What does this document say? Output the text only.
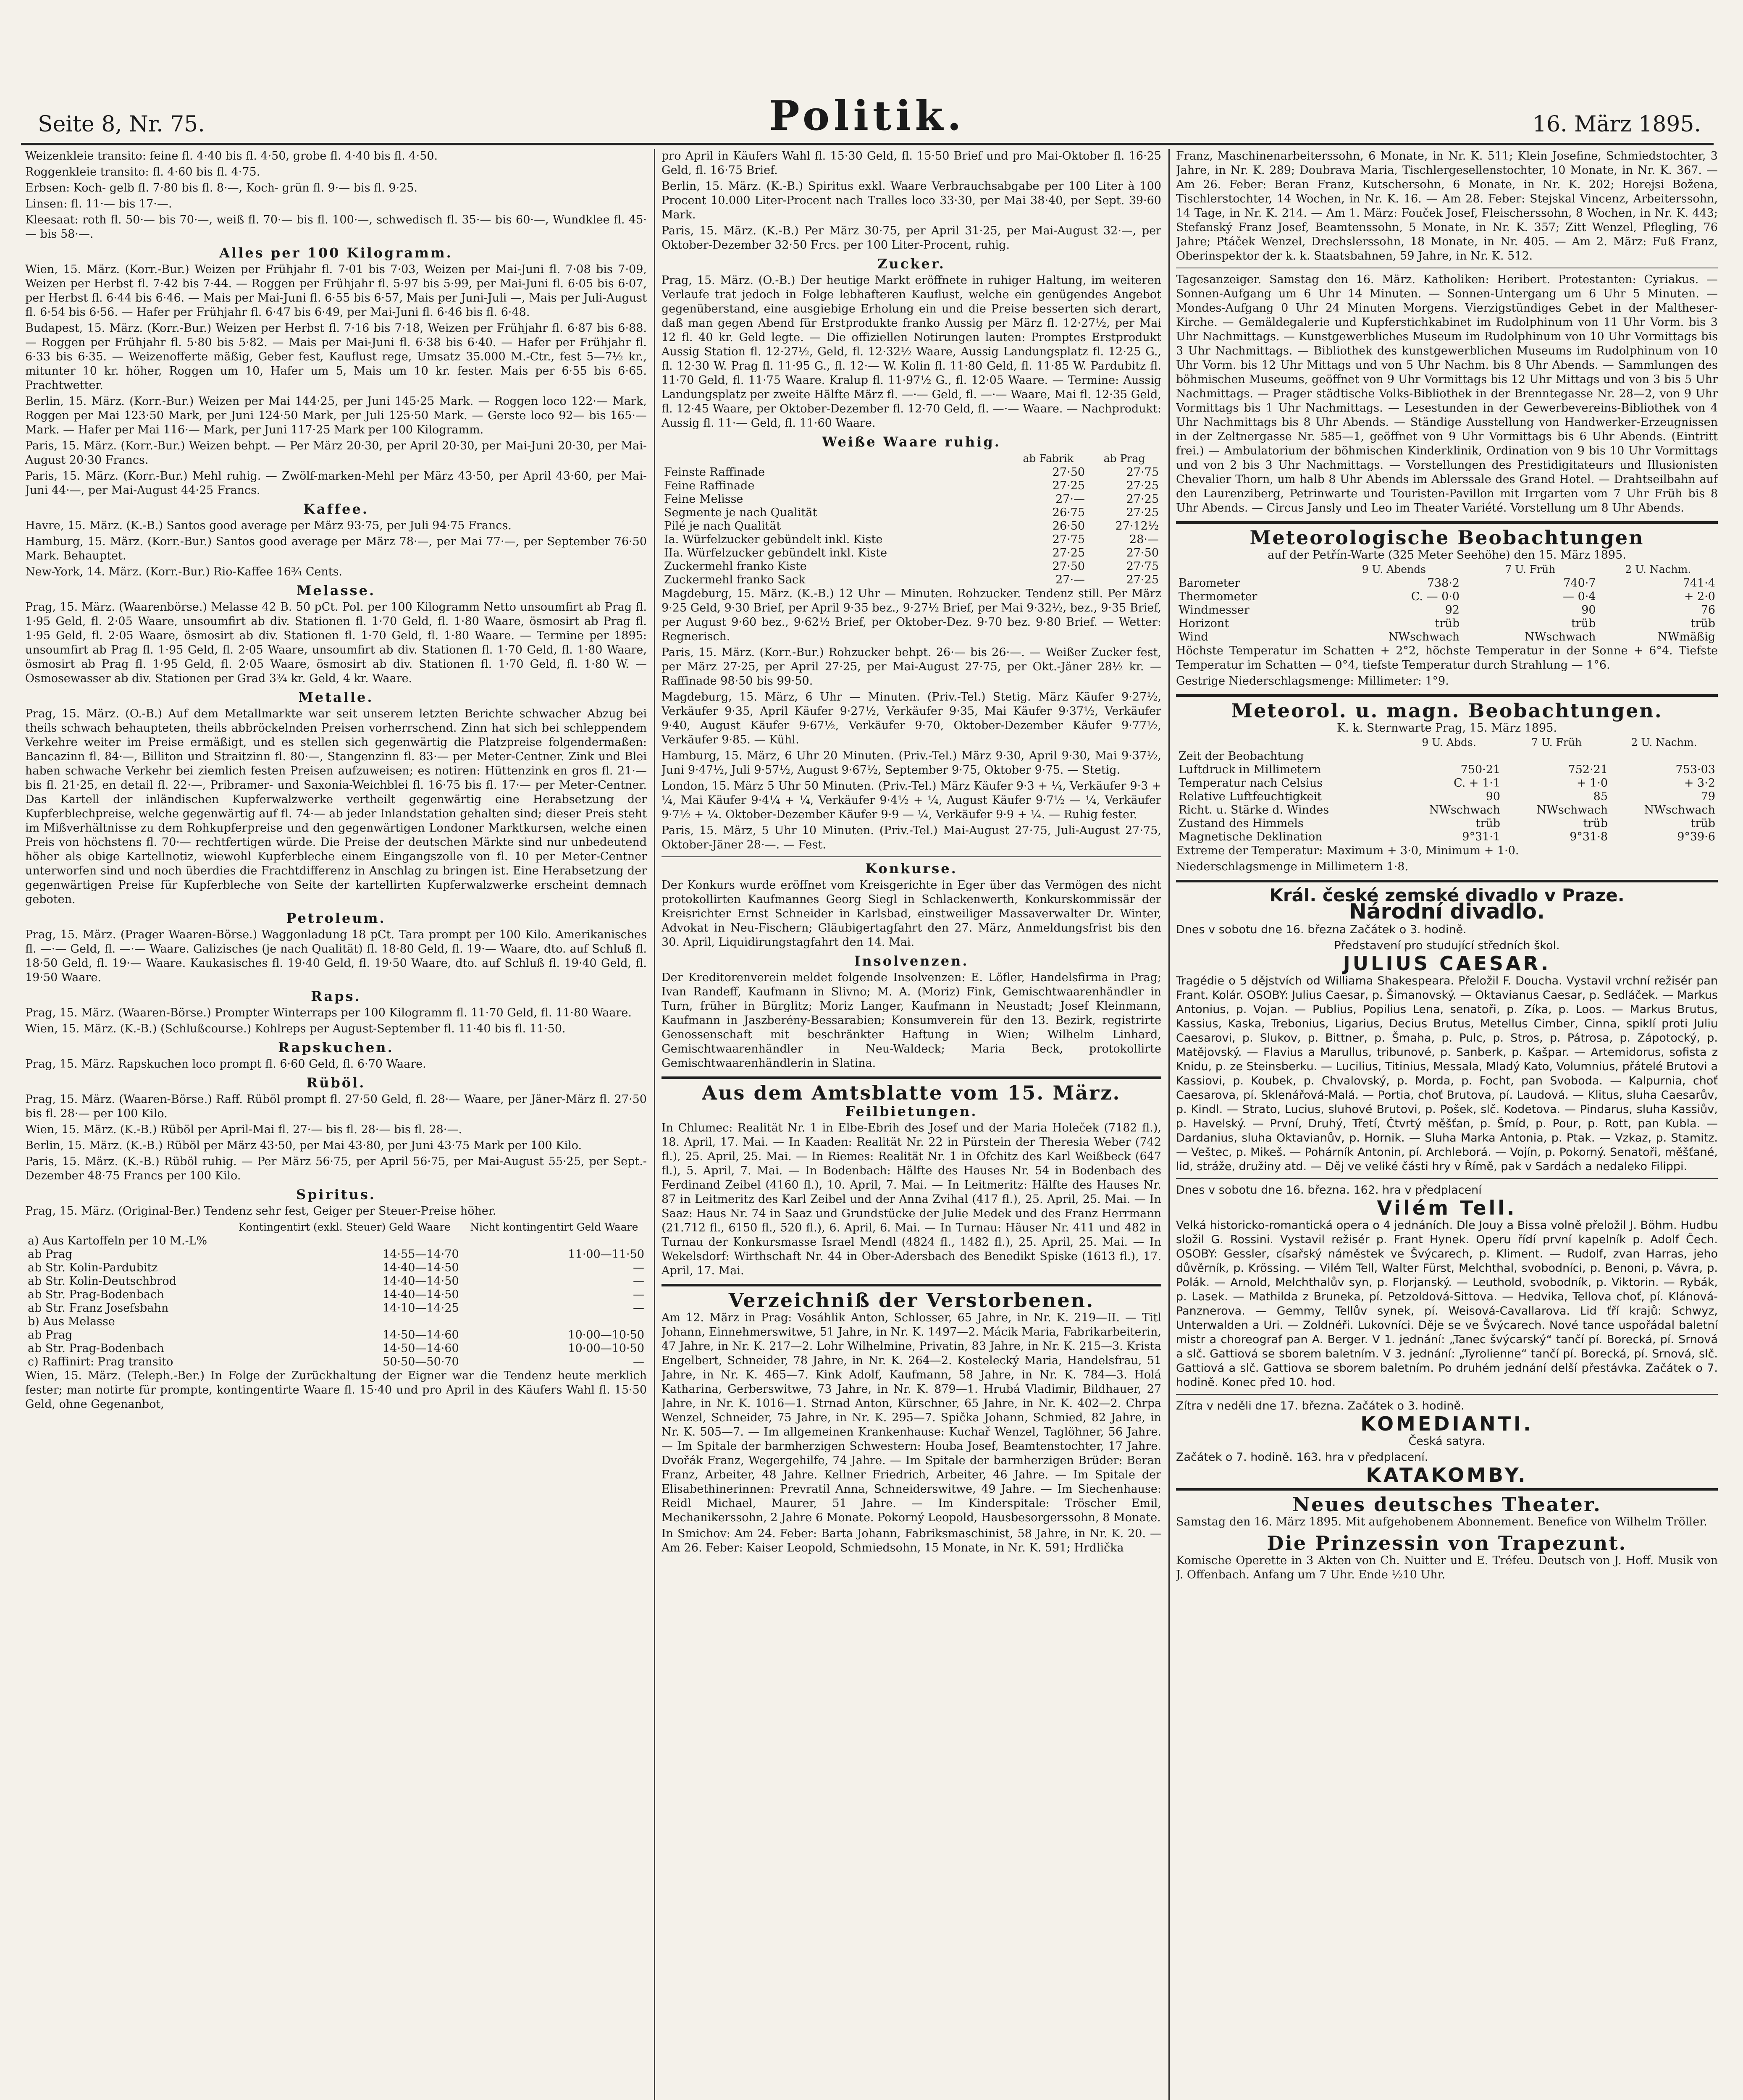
Seite 8, Nr. 75.	Politik.	16. März 1895.

Weizenkleie transito: feine fl. 4·40 bis fl. 4·50, grobe fl. 4·40 bis fl. 4·50.

Roggenkleie transito: fl. 4·60 bis fl. 4·75.

Erbsen: Koch- gelb fl. 7·80 bis fl. 8·—, Koch- grün fl. 9·— bis fl. 9·25.

Linsen: fl. 11·— bis 17·—.

Kleesaat: roth fl. 50·— bis 70·—, weiß fl. 70·— bis fl. 100·—, schwedisch fl. 35·— bis 60·—, Wundklee fl. 45·— bis 58·—.

Alles per 100 Kilogramm.

Wien, 15. März. (Korr.-Bur.) Weizen per Frühjahr fl. 7·01 bis 7·03, Weizen per Mai-Juni fl. 7·08 bis 7·09, Weizen per Herbst fl. 7·42 bis 7·44. — Roggen per Frühjahr fl. 5·97 bis 5·99, per Mai-Juni fl. 6·05 bis 6·07, per Herbst fl. 6·44 bis 6·46. — Mais per Mai-Juni fl. 6·55 bis 6·57, Mais per Juni-Juli —, Mais per Juli-August fl. 6·54 bis 6·56. — Hafer per Frühjahr fl. 6·47 bis 6·49, per Mai-Juni fl. 6·46 bis fl. 6·48.

Budapest, 15. März. (Korr.-Bur.) Weizen per Herbst fl. 7·16 bis 7·18, Weizen per Frühjahr fl. 6·87 bis 6·88. — Roggen per Frühjahr fl. 5·80 bis 5·82. — Mais per Mai-Juni fl. 6·38 bis 6·40. — Hafer per Frühjahr fl. 6·33 bis 6·35. — Weizenofferte mäßig, Geber fest, Kauflust rege, Umsatz 35.000 M.-Ctr., fest 5—7½ kr., mitunter 10 kr. höher, Roggen um 10, Hafer um 5, Mais um 10 kr. fester. Mais per 6·55 bis 6·65. Prachtwetter.

Berlin, 15. März. (Korr.-Bur.) Weizen per Mai 144·25, per Juni 145·25 Mark. — Roggen loco 122·— Mark, Roggen per Mai 123·50 Mark, per Juni 124·50 Mark, per Juli 125·50 Mark. — Gerste loco 92— bis 165·— Mark. — Hafer per Mai 116·— Mark, per Juni 117·25 Mark per 100 Kilogramm.

Paris, 15. März. (Korr.-Bur.) Weizen behpt. — Per März 20·30, per April 20·30, per Mai-Juni 20·30, per Mai-August 20·30 Francs.

Paris, 15. März. (Korr.-Bur.) Mehl ruhig. — Zwölf-marken-Mehl per März 43·50, per April 43·60, per Mai-Juni 44·—, per Mai-August 44·25 Francs.

Kaffee.

Havre, 15. März. (K.-B.) Santos good average per März 93·75, per Juli 94·75 Francs.

Hamburg, 15. März. (Korr.-Bur.) Santos good average per März 78·—, per Mai 77·—, per September 76·50 Mark. Behauptet.

New-York, 14. März. (Korr.-Bur.) Rio-Kaffee 16¾ Cents.

Melasse.

Prag, 15. März. (Waarenbörse.) Melasse 42 B. 50 pCt. Pol. per 100 Kilogramm Netto unsoumfirt ab Prag fl. 1·95 Geld, fl. 2·05 Waare, unsoumfirt ab div. Stationen fl. 1·70 Geld, fl. 1·80 Waare, ösmosirt ab Prag fl. 1·95 Geld, fl. 2·05 Waare, ösmosirt ab div. Stationen fl. 1·70 Geld, fl. 1·80 Waare. — Termine per 1895: unsoumfirt ab Prag fl. 1·95 Geld, fl. 2·05 Waare, unsoumfirt ab div. Stationen fl. 1·70 Geld, fl. 1·80 Waare, ösmosirt ab Prag fl. 1·95 Geld, fl. 2·05 Waare, ösmosirt ab div. Stationen fl. 1·70 Geld, fl. 1·80 W. — Osmosewasser ab div. Stationen per Grad 3¾ kr. Geld, 4 kr. Waare.

Metalle.

Prag, 15. März. (O.-B.) Auf dem Metallmarkte war seit unserem letzten Berichte schwacher Abzug bei theils schwach behaupteten, theils abbröckelnden Preisen vorherrschend. Zinn hat sich bei schleppendem Verkehre weiter im Preise ermäßigt, und es stellen sich gegenwärtig die Platzpreise folgendermaßen: Bancazinn fl. 84·—, Billiton und Straitzinn fl. 80·—, Stangenzinn fl. 83·— per Meter-Centner. Zink und Blei haben schwache Verkehr bei ziemlich festen Preisen aufzuweisen; es notiren: Hüttenzink en gros fl. 21·— bis fl. 21·25, en detail fl. 22·—, Pribramer- und Saxonia-Weichblei fl. 16·75 bis fl. 17·— per Meter-Centner. Das Kartell der inländischen Kupferwalzwerke vertheilt gegenwärtig eine Herabsetzung der Kupferblechpreise, welche gegenwärtig auf fl. 74·— ab jeder Inlandstation gehalten sind; dieser Preis steht im Mißverhältnisse zu dem Rohkupferpreise und den gegenwärtigen Londoner Marktkursen, welche einen Preis von höchstens fl. 70·— rechtfertigen würde. Die Preise der deutschen Märkte sind nur unbedeutend höher als obige Kartellnotiz, wiewohl Kupferbleche einem Eingangszolle von fl. 10 per Meter-Centner unterworfen sind und noch überdies die Frachtdifferenz in Anschlag zu bringen ist. Eine Herabsetzung der gegenwärtigen Preise für Kupferbleche von Seite der kartellirten Kupferwalzwerke erscheint demnach geboten.

Petroleum.

Prag, 15. März. (Prager Waaren-Börse.) Waggonladung 18 pCt. Tara prompt per 100 Kilo. Amerikanisches fl. —·— Geld, fl. —·— Waare. Galizisches (je nach Qualität) fl. 18·80 Geld, fl. 19·— Waare, dto. auf Schluß fl. 18·50 Geld, fl. 19·— Waare. Kaukasisches fl. 19·40 Geld, fl. 19·50 Waare, dto. auf Schluß fl. 19·40 Geld, fl. 19·50 Waare.

Raps.

Prag, 15. März. (Waaren-Börse.) Prompter Winterraps per 100 Kilogramm fl. 11·70 Geld, fl. 11·80 Waare.

Wien, 15. März. (K.-B.) (Schlußcourse.) Kohlreps per August-September fl. 11·40 bis fl. 11·50.

Rapskuchen.

Prag, 15. März. Rapskuchen loco prompt fl. 6·60 Geld, fl. 6·70 Waare.

Rüböl.

Prag, 15. März. (Waaren-Börse.) Raff. Rüböl prompt fl. 27·50 Geld, fl. 28·— Waare, per Jäner-März fl. 27·50 bis fl. 28·— per 100 Kilo.

Wien, 15. März. (K.-B.) Rüböl per April-Mai fl. 27·— bis fl. 28·— bis fl. 28·—.

Berlin, 15. März. (K.-B.) Rüböl per März 43·50, per Mai 43·80, per Juni 43·75 Mark per 100 Kilo.

Paris, 15. März. (K.-B.) Rüböl ruhig. — Per März 56·75, per April 56·75, per Mai-August 55·25, per Sept.-Dezember 48·75 Francs per 100 Kilo.

Spiritus.

Prag, 15. März. (Original-Ber.) Tendenz sehr fest, Geiger per Steuer-Preise höher.

	Kontingentirt (exkl. Steuer) Geld Waare	Nicht kontingentirt Geld Waare
a) Aus Kartoffeln per 10 M.-L%		
ab Prag	14·55—14·70	11·00—11·50
ab Str. Kolin-Pardubitz	14·40—14·50	—
ab Str. Kolin-Deutschbrod	14·40—14·50	—
ab Str. Prag-Bodenbach	14·40—14·50	—
ab Str. Franz Josefsbahn	14·10—14·25	—
b) Aus Melasse		
ab Prag	14·50—14·60	10·00—10·50
ab Str. Prag-Bodenbach	14·50—14·60	10·00—10·50
c) Raffinirt: Prag transito	50·50—50·70	—

Wien, 15. März. (Teleph.-Ber.) In Folge der Zurückhaltung der Eigner war die Tendenz heute merklich fester; man notirte für prompte, kontingentirte Waare fl. 15·40 und pro April in des Käufers Wahl fl. 15·50 Geld, ohne Gegenanbot,

pro April in Käufers Wahl fl. 15·30 Geld, fl. 15·50 Brief und pro Mai-Oktober fl. 16·25 Geld, fl. 16·75 Brief.

Berlin, 15. März. (K.-B.) Spiritus exkl. Waare Verbrauchsabgabe per 100 Liter à 100 Procent 10.000 Liter-Procent nach Tralles loco 33·30, per Mai 38·40, per Sept. 39·60 Mark.

Paris, 15. März. (K.-B.) Per März 30·75, per April 31·25, per Mai-August 32·—, per Oktober-Dezember 32·50 Frcs. per 100 Liter-Procent, ruhig.

Zucker.

Prag, 15. März. (O.-B.) Der heutige Markt eröffnete in ruhiger Haltung, im weiteren Verlaufe trat jedoch in Folge lebhafteren Kauflust, welche ein genügendes Angebot gegenüberstand, eine ausgiebige Erholung ein und die Preise besserten sich derart, daß man gegen Abend für Erstprodukte franko Aussig per März fl. 12·27½, per Mai 12 fl. 40 kr. Geld legte. — Die offiziellen Notirungen lauten: Promptes Erstprodukt Aussig Station fl. 12·27½, Geld, fl. 12·32½ Waare, Aussig Landungsplatz fl. 12·25 G., fl. 12·30 W. Prag fl. 11·95 G., fl. 12·— W. Kolin fl. 11·80 Geld, fl. 11·85 W. Pardubitz fl. 11·70 Geld, fl. 11·75 Waare. Kralup fl. 11·97½ G., fl. 12·05 Waare. — Termine: Aussig Landungsplatz per zweite Hälfte März fl. —·— Geld, fl. —·— Waare, Mai fl. 12·35 Geld, fl. 12·45 Waare, per Oktober-Dezember fl. 12·70 Geld, fl. —·— Waare. — Nachprodukt: Aussig fl. 11·— Geld, fl. 11·60 Waare.

Weiße Waare ruhig.
	ab Fabrik	ab Prag
Feinste Raffinade	27·50	27·75
Feine Raffinade	27·25	27·25
Feine Melisse	27·—	27·25
Segmente je nach Qualität	26·75	27·25
Pilé je nach Qualität	26·50	27·12½
Ia. Würfelzucker gebündelt inkl. Kiste	27·75	28·—
IIa. Würfelzucker gebündelt inkl. Kiste	27·25	27·50
Zuckermehl franko Kiste	27·50	27·75
Zuckermehl franko Sack	27·—	27·25

Magdeburg, 15. März. (K.-B.) 12 Uhr — Minuten. Rohzucker. Tendenz still. Per März 9·25 Geld, 9·30 Brief, per April 9·35 bez., 9·27½ Brief, per Mai 9·32½, bez., 9·35 Brief, per August 9·60 bez., 9·62½ Brief, per Oktober-Dez. 9·70 bez. 9·80 Brief. — Wetter: Regnerisch.

Paris, 15. März. (Korr.-Bur.) Rohzucker behpt. 26·— bis 26·—. — Weißer Zucker fest, per März 27·25, per April 27·25, per Mai-August 27·75, per Okt.-Jäner 28½ kr. — Raffinade 98·50 bis 99·50.

Magdeburg, 15. März, 6 Uhr — Minuten. (Priv.-Tel.) Stetig. März Käufer 9·27½, Verkäufer 9·35, April Käufer 9·27½, Verkäufer 9·35, Mai Käufer 9·37½, Verkäufer 9·40, August Käufer 9·67½, Verkäufer 9·70, Oktober-Dezember Käufer 9·77½, Verkäufer 9·85. — Kühl.

Hamburg, 15. März, 6 Uhr 20 Minuten. (Priv.-Tel.) März 9·30, April 9·30, Mai 9·37½, Juni 9·47½, Juli 9·57½, August 9·67½, September 9·75, Oktober 9·75. — Stetig.

London, 15. März 5 Uhr 50 Minuten. (Priv.-Tel.) März Käufer 9·3 + ¼, Verkäufer 9·3 + ¼, Mai Käufer 9·4¼ + ¼, Verkäufer 9·4½ + ¼, August Käufer 9·7½ — ¼, Verkäufer 9·7½ + ¼. Oktober-Dezember Käufer 9·9 — ¼, Verkäufer 9·9 + ¼. — Ruhig fester.

Paris, 15. März, 5 Uhr 10 Minuten. (Priv.-Tel.) Mai-August 27·75, Juli-August 27·75, Oktober-Jäner 28·—. — Fest.

Konkurse.

Der Konkurs wurde eröffnet vom Kreisgerichte in Eger über das Vermögen des nicht protokollirten Kaufmannes Georg Siegl in Schlackenwerth, Konkurskommissär der Kreisrichter Ernst Schneider in Karlsbad, einstweiliger Massaverwalter Dr. Winter, Advokat in Neu-Fischern; Gläubigertagfahrt den 27. März, Anmeldungsfrist bis den 30. April, Liquidirungstagfahrt den 14. Mai.

Insolvenzen.

Der Kreditorenverein meldet folgende Insolvenzen: E. Löfler, Handelsfirma in Prag; Ivan Randeff, Kaufmann in Slivno; M. A. (Moriz) Fink, Gemischtwaarenhändler in Turn, früher in Bürglitz; Moriz Langer, Kaufmann in Neustadt; Josef Kleinmann, Kaufmann in Jaszberény-Bessarabien; Konsumverein für den 13. Bezirk, registrirte Genossenschaft mit beschränkter Haftung in Wien; Wilhelm Linhard, Gemischtwaarenhändler in Neu-Waldeck; Maria Beck, protokollirte Gemischtwaarenhändlerin in Slatina.

Aus dem Amtsblatte vom 15. März.
Feilbietungen.

In Chlumec: Realität Nr. 1 in Elbe-Ebrih des Josef und der Maria Holeček (7182 fl.), 18. April, 17. Mai. — In Kaaden: Realität Nr. 22 in Pürstein der Theresia Weber (742 fl.), 25. April, 25. Mai. — In Riemes: Realität Nr. 1 in Ofchitz des Karl Weißbeck (647 fl.), 5. April, 7. Mai. — In Bodenbach: Hälfte des Hauses Nr. 54 in Bodenbach des Ferdinand Zeibel (4160 fl.), 10. April, 7. Mai. — In Leitmeritz: Hälfte des Hauses Nr. 87 in Leitmeritz des Karl Zeibel und der Anna Zvihal (417 fl.), 25. April, 25. Mai. — In Saaz: Haus Nr. 74 in Saaz und Grundstücke der Julie Medek und des Franz Herrmann (21.712 fl., 6150 fl., 520 fl.), 6. April, 6. Mai. — In Turnau: Häuser Nr. 411 und 482 in Turnau der Konkursmasse Israel Mendl (4824 fl., 1482 fl.), 25. April, 25. Mai. — In Wekelsdorf: Wirthschaft Nr. 44 in Ober-Adersbach des Benedikt Spiske (1613 fl.), 17. April, 17. Mai.

Verzeichniß der Verstorbenen.

Am 12. März in Prag: Vosáhlik Anton, Schlosser, 65 Jahre, in Nr. K. 219—II. — Titl Johann, Einnehmerswitwe, 51 Jahre, in Nr. K. 1497—2. Mácik Maria, Fabrikarbeiterin, 47 Jahre, in Nr. K. 217—2. Lohr Wilhelmine, Privatin, 83 Jahre, in Nr. K. 215—3. Krista Engelbert, Schneider, 78 Jahre, in Nr. K. 264—2. Kostelecký Maria, Handelsfrau, 51 Jahre, in Nr. K. 465—7. Kink Adolf, Kaufmann, 58 Jahre, in Nr. K. 784—3. Holá Katharina, Gerberswitwe, 73 Jahre, in Nr. K. 879—1. Hrubá Vladimir, Bildhauer, 27 Jahre, in Nr. K. 1016—1. Strnad Anton, Kürschner, 65 Jahre, in Nr. K. 402—2. Chrpa Wenzel, Schneider, 75 Jahre, in Nr. K. 295—7. Spička Johann, Schmied, 82 Jahre, in Nr. K. 505—7. — Im allgemeinen Krankenhause: Kuchař Wenzel, Taglöhner, 56 Jahre. — Im Spitale der barmherzigen Schwestern: Houba Josef, Beamtenstochter, 17 Jahre. Dvořák Franz, Wegergehilfe, 74 Jahre. — Im Spitale der barmherzigen Brüder: Beran Franz, Arbeiter, 48 Jahre. Kellner Friedrich, Arbeiter, 46 Jahre. — Im Spitale der Elisabethinerinnen: Prevratil Anna, Schneiderswitwe, 49 Jahre. — Im Siechenhause: Reidl Michael, Maurer, 51 Jahre. — Im Kinderspitale: Tröscher Emil, Mechanikerssohn, 2 Jahre 6 Monate. Pokorný Leopold, Hausbesorgerssohn, 8 Monate.

In Smichov: Am 24. Feber: Barta Johann, Fabriksmaschinist, 58 Jahre, in Nr. K. 20. — Am 26. Feber: Kaiser Leopold, Schmiedsohn, 15 Monate, in Nr. K. 591; Hrdlička

Franz, Maschinenarbeiterssohn, 6 Monate, in Nr. K. 511; Klein Josefine, Schmiedstochter, 3 Jahre, in Nr. K. 289; Doubrava Maria, Tischlergesellenstochter, 10 Monate, in Nr. K. 367. — Am 26. Feber: Beran Franz, Kutschersohn, 6 Monate, in Nr. K. 202; Horejsi Božena, Tischlerstochter, 14 Wochen, in Nr. K. 16. — Am 28. Feber: Stejskal Vincenz, Arbeiterssohn, 14 Tage, in Nr. K. 214. — Am 1. März: Fouček Josef, Fleischerssohn, 8 Wochen, in Nr. K. 443; Stefanský Franz Josef, Beamtenssohn, 5 Monate, in Nr. K. 357; Zitt Wenzel, Pflegling, 76 Jahre; Ptáček Wenzel, Drechslerssohn, 18 Monate, in Nr. 405. — Am 2. März: Fuß Franz, Oberinspektor der k. k. Staatsbahnen, 59 Jahre, in Nr. K. 512.

Tagesanzeiger. Samstag den 16. März. Katholiken: Heribert. Protestanten: Cyriakus. — Sonnen-Aufgang um 6 Uhr 14 Minuten. — Sonnen-Untergang um 6 Uhr 5 Minuten. — Mondes-Aufgang 0 Uhr 24 Minuten Morgens. Vierzigstündiges Gebet in der Maltheser-Kirche. — Gemäldegalerie und Kupferstichkabinet im Rudolphinum von 11 Uhr Vorm. bis 3 Uhr Nachmittags. — Kunstgewerbliches Museum im Rudolphinum von 10 Uhr Vormittags bis 3 Uhr Nachmittags. — Bibliothek des kunstgewerblichen Museums im Rudolphinum von 10 Uhr Vorm. bis 12 Uhr Mittags und von 5 Uhr Nachm. bis 8 Uhr Abends. — Sammlungen des böhmischen Museums, geöffnet von 9 Uhr Vormittags bis 12 Uhr Mittags und von 3 bis 5 Uhr Nachmittags. — Prager städtische Volks-Bibliothek in der Brenntegasse Nr. 28—2, von 9 Uhr Vormittags bis 1 Uhr Nachmittags. — Lesestunden in der Gewerbevereins-Bibliothek von 4 Uhr Nachmittags bis 8 Uhr Abends. — Ständige Ausstellung von Handwerker-Erzeugnissen in der Zeltnergasse Nr. 585—1, geöffnet von 9 Uhr Vormittags bis 6 Uhr Abends. (Eintritt frei.) — Ambulatorium der böhmischen Kinderklinik, Ordination von 9 bis 10 Uhr Vormittags und von 2 bis 3 Uhr Nachmittags. — Vorstellungen des Prestidigitateurs und Illusionisten Chevalier Thorn, um halb 8 Uhr Abends im Ablerssale des Grand Hotel. — Drahtseilbahn auf den Laurenziberg, Petrinwarte und Touristen-Pavillon mit Irrgarten vom 7 Uhr Früh bis 8 Uhr Abends. — Circus Jansly und Leo im Theater Variété. Vorstellung um 8 Uhr Abends.

Meteorologische Beobachtungen
auf der Petřín-Warte (325 Meter Seehöhe) den 15. März 1895.
	9 U. Abends	7 U. Früh	2 U. Nachm.
Barometer	738·2	740·7	741·4
Thermometer	C. — 0·0	— 0·4	+ 2·0
Windmesser	92	90	76
Horizont	trüb	trüb	trüb
Wind	NWschwach	NWschwach	NWmäßig

Höchste Temperatur im Schatten + 2°2, höchste Temperatur in der Sonne + 6°4. Tiefste Temperatur im Schatten — 0°4, tiefste Temperatur durch Strahlung — 1°6.

Gestrige Niederschlagsmenge: Millimeter: 1°9.

Meteorol. u. magn. Beobachtungen.
K. k. Sternwarte Prag, 15. März 1895.
	9 U. Abds.	7 U. Früh	2 U. Nachm.
Zeit der Beobachtung			
Luftdruck in Millimetern	750·21	752·21	753·03
Temperatur nach Celsius	C. + 1·1	+ 1·0	+ 3·2
Relative Luftfeuchtigkeit	90	85	79
Richt. u. Stärke d. Windes	NWschwach	NWschwach	NWschwach
Zustand des Himmels	trüb	trüb	trüb
Magnetische Deklination	9°31·1	9°31·8	9°39·6

Extreme der Temperatur: Maximum + 3·0, Minimum + 1·0.

Niederschlagsmenge in Millimetern 1·8.

Král. české zemské divadlo v Praze.
Národní divadlo.

Dnes v sobotu dne 16. března Začátek o 3. hodině.

Představení pro studující středních škol.

JULIUS CAESAR.

Tragédie o 5 dějstvích od Williama Shakespeara. Přeložil F. Doucha. Vystavil vrchní režisér pan Frant. Kolár. OSOBY: Julius Caesar, p. Šimanovský. — Oktavianus Caesar, p. Sedláček. — Markus Antonius, p. Vojan. — Publius, Popilius Lena, senatoři, p. Zíka, p. Loos. — Markus Brutus, Kassius, Kaska, Trebonius, Ligarius, Decius Brutus, Metellus Cimber, Cinna, spiklí proti Juliu Caesarovi, p. Slukov, p. Bittner, p. Šmaha, p. Pulc, p. Stros, p. Pátrosa, p. Zápotocký, p. Matějovský. — Flavius a Marullus, tribunové, p. Sanberk, p. Kašpar. — Artemidorus, sofista z Knidu, p. ze Steinsberku. — Lucilius, Titinius, Messala, Mladý Kato, Volumnius, přátelé Brutovi a Kassiovi, p. Koubek, p. Chvalovský, p. Morda, p. Focht, pan Svoboda. — Kalpurnia, choť Caesarova, pí. Sklenářová-Malá. — Portia, choť Brutova, pí. Laudová. — Klitus, sluha Caesarův, p. Kindl. — Strato, Lucius, sluhové Brutovi, p. Pošek, slč. Kodetova. — Pindarus, sluha Kassiův, p. Havelský. — První, Druhý, Třetí, Čtvrtý měšťan, p. Šmíd, p. Pour, p. Rott, pan Kubla. — Dardanius, sluha Oktavianův, p. Hornik. — Sluha Marka Antonia, p. Ptak. — Vzkaz, p. Stamitz. — Veštec, p. Mikeš. — Pohárník Antonin, pí. Archleborá. — Vojín, p. Pokorný. Senatoři, měšťané, lid, stráže, družiny atd. — Děj ve veliké části hry v Římě, pak v Sardách a nedaleko Filippi.

Dnes v sobotu dne 16. března. 162. hra v předplacení

Vilém Tell.

Velká historicko-romantická opera o 4 jednáních. Dle Jouy a Bissa volně přeložil J. Böhm. Hudbu složil G. Rossini. Vystavil režisér p. Frant Hynek. Operu řídí první kapelník p. Adolf Čech. OSOBY: Gessler, císařský náměstek ve Švýcarech, p. Kliment. — Rudolf, zvan Harras, jeho důvěrník, p. Krössing. — Vilém Tell, Walter Fürst, Melchthal, svobodníci, p. Benoni, p. Vávra, p. Polák. — Arnold, Melchthalův syn, p. Florjanský. — Leuthold, svobodník, p. Viktorin. — Rybák, p. Lasek. — Mathilda z Bruneka, pí. Petzoldová-Sittova. — Hedvika, Tellova choť, pí. Klánová-Panznerova. — Gemmy, Tellův synek, pí. Weisová-Cavallarova. Lid ťří krajů: Schwyz, Unterwalden a Uri. — Zoldnéři. Lukovníci. Děje se ve Švýcarech. Nové tance uspořádal baletní mistr a choreograf pan A. Berger. V 1. jednání: „Tanec švýcarský“ tančí pí. Borecká, pí. Srnová a slč. Gattiová se sborem baletním. V 3. jednání: „Tyrolienne“ tančí pí. Borecká, pí. Srnová, slč. Gattiová a slč. Gattiova se sborem baletním. Po druhém jednání delší přestávka. Začátek o 7. hodině. Konec před 10. hod.

Zítra v neděli dne 17. března. Začátek o 3. hodině.

KOMEDIANTI.

Česká satyra.

Začátek o 7. hodině. 163. hra v předplacení.

KATAKOMBY.
Neues deutsches Theater.

Samstag den 16. März 1895. Mit aufgehobenem Abonnement. Benefice von Wilhelm Tröller.

Die Prinzessin von Trapezunt.

Komische Operette in 3 Akten von Ch. Nuitter und E. Tréfeu. Deutsch von J. Hoff. Musik von J. Offenbach. Anfang um 7 Uhr. Ende ½10 Uhr.
